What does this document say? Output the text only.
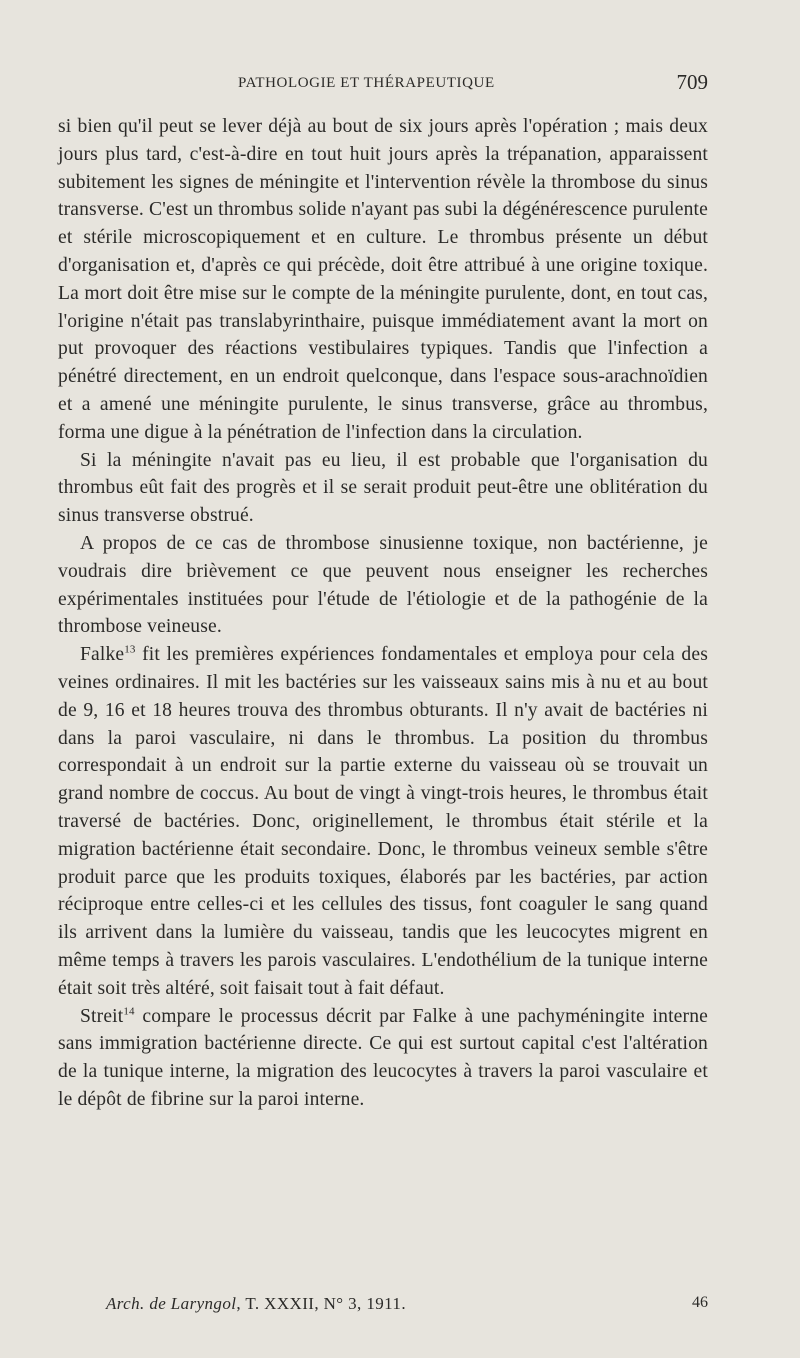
PATHOLOGIE ET THÉRAPEUTIQUE	709

si bien qu'il peut se lever déjà au bout de six jours après l'opération ; mais deux jours plus tard, c'est-à-dire en tout huit jours après la trépanation, apparaissent subitement les signes de méningite et l'intervention révèle la thrombose du sinus transverse. C'est un thrombus solide n'ayant pas subi la dégénérescence purulente et stérile microscopiquement et en culture. Le thrombus présente un début d'organisation et, d'après ce qui précède, doit être attribué à une origine toxique. La mort doit être mise sur le compte de la méningite purulente, dont, en tout cas, l'origine n'était pas translabyrinthaire, puisque immédiatement avant la mort on put provoquer des réactions vestibulaires typiques. Tandis que l'infection a pénétré directement, en un endroit quelconque, dans l'espace sous-arachnoïdien et a amené une méningite purulente, le sinus transverse, grâce au thrombus, forma une digue à la pénétration de l'infection dans la circulation.

Si la méningite n'avait pas eu lieu, il est probable que l'organisation du thrombus eût fait des progrès et il se serait produit peut-être une oblitération du sinus transverse obstrué.

A propos de ce cas de thrombose sinusienne toxique, non bactérienne, je voudrais dire brièvement ce que peuvent nous enseigner les recherches expérimentales instituées pour l'étude de l'étiologie et de la pathogénie de la thrombose veineuse.

Falke$^{13}$ fit les premières expériences fondamentales et employa pour cela des veines ordinaires. Il mit les bactéries sur les vaisseaux sains mis à nu et au bout de 9, 16 et 18 heures trouva des thrombus obturants. Il n'y avait de bactéries ni dans la paroi vasculaire, ni dans le thrombus. La position du thrombus correspondait à un endroit sur la partie externe du vaisseau où se trouvait un grand nombre de coccus. Au bout de vingt à vingt-trois heures, le thrombus était traversé de bactéries. Donc, originellement, le thrombus était stérile et la migration bactérienne était secondaire. Donc, le thrombus veineux semble s'être produit parce que les produits toxiques, élaborés par les bactéries, par action réciproque entre celles-ci et les cellules des tissus, font coaguler le sang quand ils arrivent dans la lumière du vaisseau, tandis que les leucocytes migrent en même temps à travers les parois vasculaires. L'endothélium de la tunique interne était soit très altéré, soit faisait tout à fait défaut.

Streit$^{14}$ compare le processus décrit par Falke à une pachyméningite interne sans immigration bactérienne directe. Ce qui est surtout capital c'est l'altération de la tunique interne, la migration des leucocytes à travers la paroi vasculaire et le dépôt de fibrine sur la paroi interne.

Arch. de Laryngol, T. XXXII, N° 3, 1911.	46
